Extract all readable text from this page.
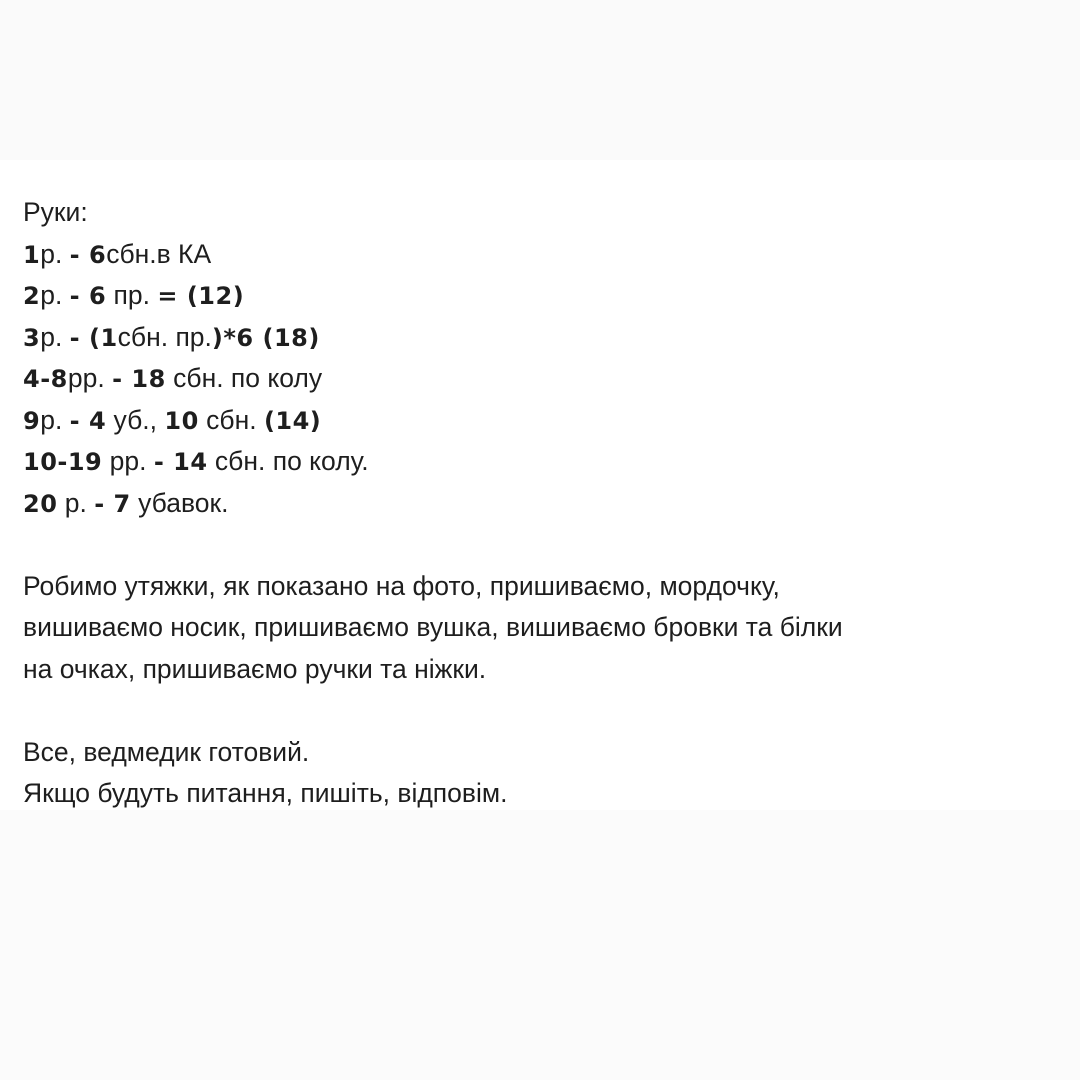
Руки:
1р. - 6сбн.в КА
2р. - 6 пр. = (12)
3р. - (1сбн. пр.)*6 (18)
4-8рр. - 18 сбн. по колу
9р. - 4 уб., 10 сбн. (14)
10-19 рр. - 14 сбн. по колу.
20 р. - 7 убавок.
Робимо утяжки, як показано на фото, пришиваємо, мордочку,
вишиваємо носик, пришиваємо вушка, вишиваємо бровки та білки
на очках, пришиваємо ручки та ніжки.
Все, ведмедик готовий.
Якщо будуть питання, пишіть, відповім.
